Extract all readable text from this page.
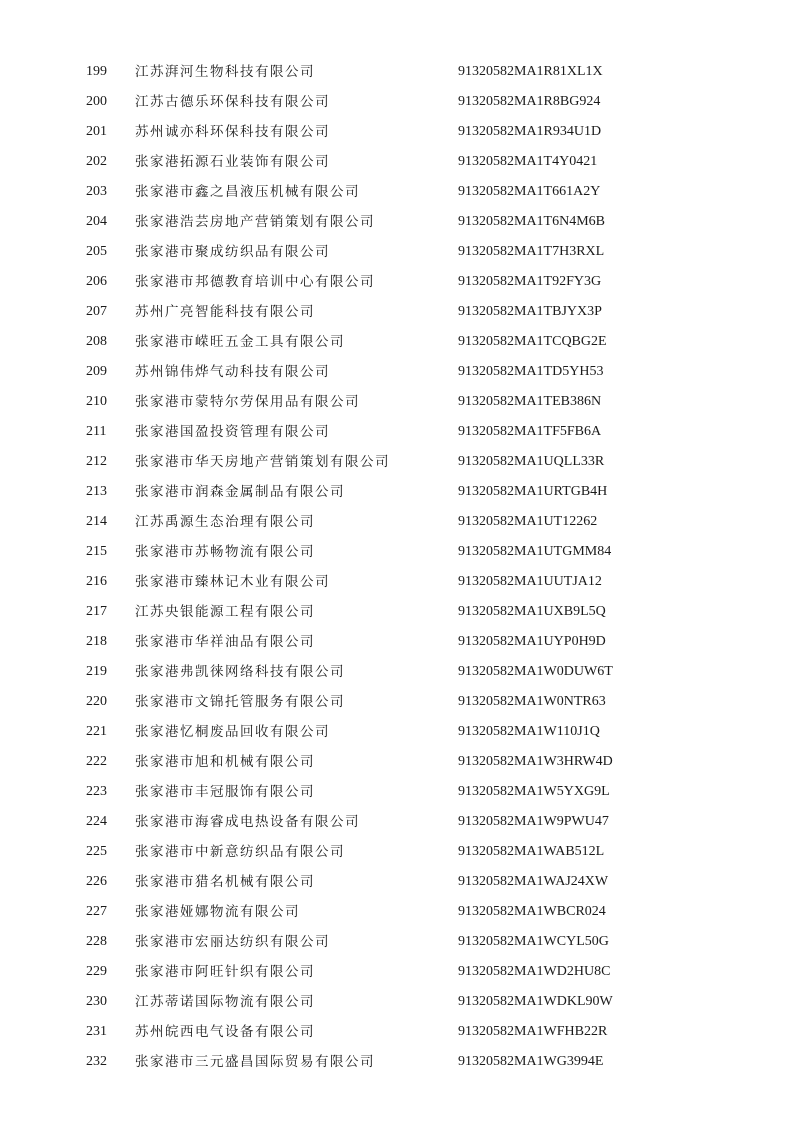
199	江苏湃河生物科技有限公司	91320582MA1R81XL1X
200	江苏古德乐环保科技有限公司	91320582MA1R8BG924
201	苏州诚亦科环保科技有限公司	91320582MA1R934U1D
202	张家港拓源石业装饰有限公司	91320582MA1T4Y0421
203	张家港市鑫之昌液压机械有限公司	91320582MA1T661A2Y
204	张家港浩芸房地产营销策划有限公司	91320582MA1T6N4M6B
205	张家港市聚成纺织品有限公司	91320582MA1T7H3RXL
206	张家港市邦德教育培训中心有限公司	91320582MA1T92FY3G
207	苏州广亮智能科技有限公司	91320582MA1TBJYX3P
208	张家港市嵘旺五金工具有限公司	91320582MA1TCQBG2E
209	苏州锦伟烨气动科技有限公司	91320582MA1TD5YH53
210	张家港市蒙特尔劳保用品有限公司	91320582MA1TEB386N
211	张家港国盈投资管理有限公司	91320582MA1TF5FB6A
212	张家港市华天房地产营销策划有限公司	91320582MA1UQLL33R
213	张家港市润森金属制品有限公司	91320582MA1URTGB4H
214	江苏禹源生态治理有限公司	91320582MA1UT12262
215	张家港市苏畅物流有限公司	91320582MA1UTGMM84
216	张家港市臻林记木业有限公司	91320582MA1UUTJA12
217	江苏央银能源工程有限公司	91320582MA1UXB9L5Q
218	张家港市华祥油品有限公司	91320582MA1UYP0H9D
219	张家港弗凯徕网络科技有限公司	91320582MA1W0DUW6T
220	张家港市文锦托管服务有限公司	91320582MA1W0NTR63
221	张家港忆桐废品回收有限公司	91320582MA1W110J1Q
222	张家港市旭和机械有限公司	91320582MA1W3HRW4D
223	张家港市丰冠服饰有限公司	91320582MA1W5YXG9L
224	张家港市海睿成电热设备有限公司	91320582MA1W9PWU47
225	张家港市中新意纺织品有限公司	91320582MA1WAB512L
226	张家港市猎名机械有限公司	91320582MA1WAJ24XW
227	张家港娅娜物流有限公司	91320582MA1WBCR024
228	张家港市宏丽达纺织有限公司	91320582MA1WCYL50G
229	张家港市阿旺针织有限公司	91320582MA1WD2HU8C
230	江苏蒂诺国际物流有限公司	91320582MA1WDKL90W
231	苏州皖西电气设备有限公司	91320582MA1WFHB22R
232	张家港市三元盛昌国际贸易有限公司	91320582MA1WG3994E
